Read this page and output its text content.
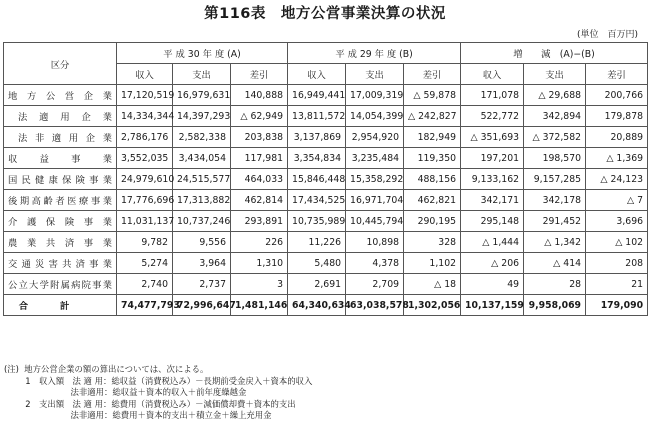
第116表　地方公営事業決算の状況
(単位　百万円)
区分	平 成 30 年 度 (A)			平 成 29 年 度 (B)			増　　減　(A)−(B)		
	収入	支出	差引	収入	支出	差引	収入	支出	差引
地方公営企業	17,120,519	16,979,631	140,888	16,949,441	17,009,319	△ 59,878	171,078	△ 29,688	200,766
法適用企業	14,334,344	14,397,293	△ 62,949	13,811,572	14,054,399	△ 242,827	522,772	342,894	179,878
法非適用企業	2,786,176	2,582,338	203,838	3,137,869	2,954,920	182,949	△ 351,693	△ 372,582	20,889
収益事業	3,552,035	3,434,054	117,981	3,354,834	3,235,484	119,350	197,201	198,570	△ 1,369
国民健康保険事業	24,979,610	24,515,577	464,033	15,846,448	15,358,292	488,156	9,133,162	9,157,285	△ 24,123
後期高齢者医療事業	17,776,696	17,313,882	462,814	17,434,525	16,971,704	462,821	342,171	342,178	△ 7
介護保険事業	11,031,137	10,737,246	293,891	10,735,989	10,445,794	290,195	295,148	291,452	3,696
農業共済事業	9,782	9,556	226	11,226	10,898	328	△ 1,444	△ 1,342	△ 102
交通災害共済事業	5,274	3,964	1,310	5,480	4,378	1,102	△ 206	△ 414	208
公立大学附属病院事業	2,740	2,737	3	2,691	2,709	△ 18	49	28	21
合計	74,477,793	72,996,647	1,481,146	64,340,634	63,038,578	1,302,056	10,137,159	9,958,069	179,090
(注)  地方公営企業の額の算出については、次による。
1　収入額　法 適 用：総収益（消費税込み）－長期前受金戻入＋資本的収入
法非適用：総収益＋資本的収入＋前年度繰越金
2　支出額　法 適 用：総費用（消費税込み）－減価償却費＋資本的支出
法非適用：総費用＋資本的支出＋積立金＋繰上充用金
